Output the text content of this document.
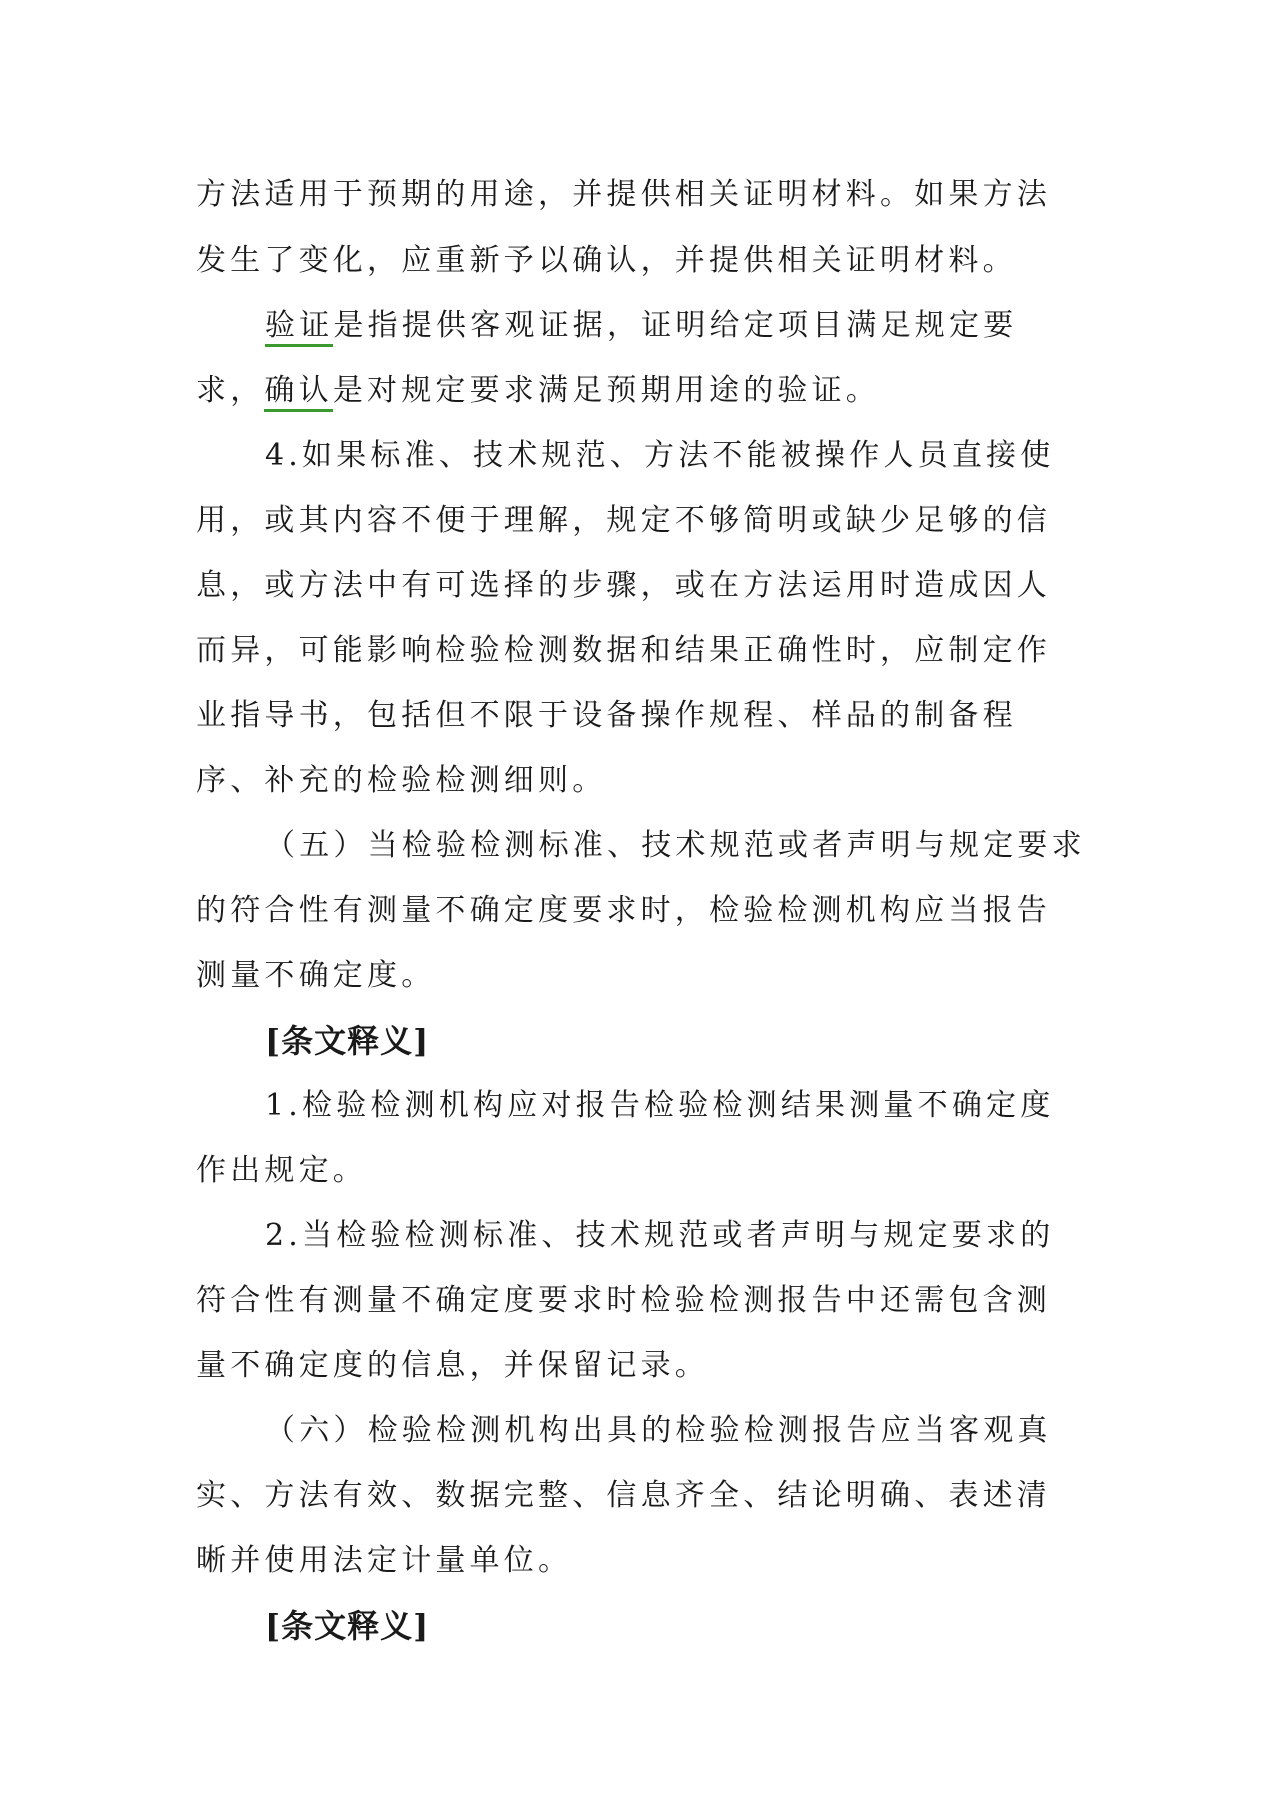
方法适用于预期的用途，并提供相关证明材料。如果方法
发生了变化，应重新予以确认，并提供相关证明材料。
验证是指提供客观证据，证明给定项目满足规定要
求，确认是对规定要求满足预期用途的验证。
4.如果标准、技术规范、方法不能被操作人员直接使
用，或其内容不便于理解，规定不够简明或缺少足够的信
息，或方法中有可选择的步骤，或在方法运用时造成因人
而异，可能影响检验检测数据和结果正确性时，应制定作
业指导书，包括但不限于设备操作规程、样品的制备程
序、补充的检验检测细则。
（五）当检验检测标准、技术规范或者声明与规定要求
的符合性有测量不确定度要求时，检验检测机构应当报告
测量不确定度。
[条文释义]
1.检验检测机构应对报告检验检测结果测量不确定度
作出规定。
2.当检验检测标准、技术规范或者声明与规定要求的
符合性有测量不确定度要求时检验检测报告中还需包含测
量不确定度的信息，并保留记录。
（六）检验检测机构出具的检验检测报告应当客观真
实、方法有效、数据完整、信息齐全、结论明确、表述清
晰并使用法定计量单位。
[条文释义]
